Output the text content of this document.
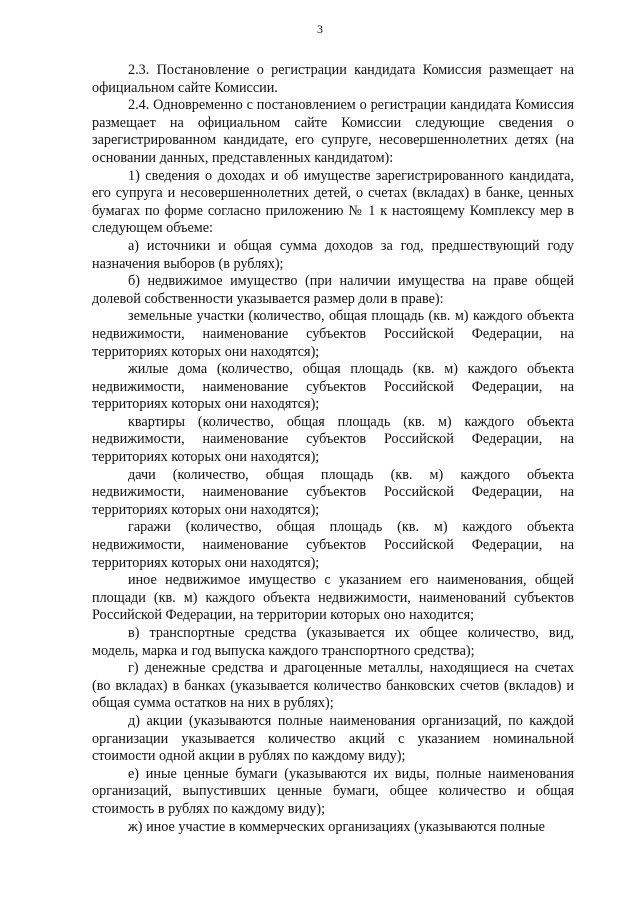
3

2.3. Постановление о регистрации кандидата Комиссия размещает на официальном сайте Комиссии.

2.4. Одновременно с постановлением о регистрации кандидата Комиссия размещает на официальном сайте Комиссии следующие сведения о зарегистрированном кандидате, его супруге, несовершеннолетних детях (на основании данных, представленных кандидатом):

1) сведения о доходах и об имуществе зарегистрированного кандидата, его супруга и несовершеннолетних детей, о счетах (вкладах) в банке, ценных бумагах по форме согласно приложению № 1 к настоящему Комплексу мер в следующем объеме:

а) источники и общая сумма доходов за год, предшествующий году назначения выборов (в рублях);

б) недвижимое имущество (при наличии имущества на праве общей долевой собственности указывается размер доли в праве):

земельные участки (количество, общая площадь (кв. м) каждого объекта недвижимости, наименование субъектов Российской Федерации, на территориях которых они находятся);

жилые дома (количество, общая площадь (кв. м) каждого объекта недвижимости, наименование субъектов Российской Федерации, на территориях которых они находятся);

квартиры (количество, общая площадь (кв. м) каждого объекта недвижимости, наименование субъектов Российской Федерации, на территориях которых они находятся);

дачи (количество, общая площадь (кв. м) каждого объекта недвижимости, наименование субъектов Российской Федерации, на территориях которых они находятся);

гаражи (количество, общая площадь (кв. м) каждого объекта недвижимости, наименование субъектов Российской Федерации, на территориях которых они находятся);

иное недвижимое имущество с указанием его наименования, общей площади (кв. м) каждого объекта недвижимости, наименований субъектов Российской Федерации, на территории которых оно находится;

в) транспортные средства (указывается их общее количество, вид, модель, марка и год выпуска каждого транспортного средства);

г) денежные средства и драгоценные металлы, находящиеся на счетах (во вкладах) в банках (указывается количество банковских счетов (вкладов) и общая сумма остатков на них в рублях);

д) акции (указываются полные наименования организаций, по каждой организации указывается количество акций с указанием номинальной стоимости одной акции в рублях по каждому виду);

е) иные ценные бумаги (указываются их виды, полные наименования организаций, выпустивших ценные бумаги, общее количество и общая стоимость в рублях по каждому виду);

ж) иное участие в коммерческих организациях (указываются полные
